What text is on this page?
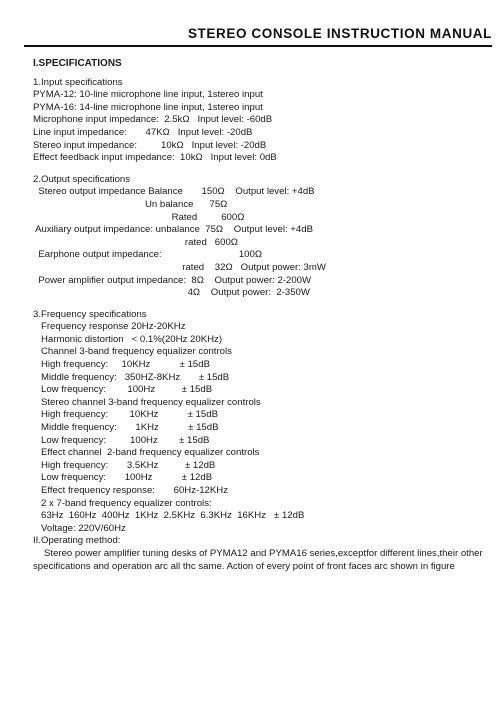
STEREO CONSOLE INSTRUCTION MANUAL
I.SPECIFICATIONS
1.Input specifications
PYMA-12: 10-line microphone line input, 1stereo input
PYMA-16: 14-line microphone line input, 1stereo input
Microphone input impedance:  2.5kΩ   Input level: -60dB
Line input impedance:       47KΩ   Input level: -20dB
Stereo input impedance:         10kΩ   Input level: -20dB
Effect feedback input impedance:  10kΩ   Input level: 0dB
2.Output specifications
Stereo output impedance Balance       150Ω    Output level: +4dB
Un balance      75Ω
Rated         600Ω
Auxiliary output impedance: unbalance  75Ω    Output level: +4dB
rated   600Ω
Earphone output impedance:                             100Ω
rated    32Ω   Output power: 3mW
Power amplifier output impedance:  8Ω    Output power: 2-200W
4Ω    Output power:  2-350W
3.Frequency specifications
Frequency response 20Hz-20KHz
Harmonic distortion   < 0.1%(20Hz 20KHz)
Channel 3-band frequency equalizer controls
High frequency:     10KHz           ± 15dB
Middle frequency:   350HZ-8KHz       ± 15dB
Low frequency:        100Hz          ± 15dB
Stereo channel 3-band frequency equalizer controls
High frequency:        10KHz           ± 15dB
Middle frequency:       1KHz           ± 15dB
Low frequency:         100Hz        ± 15dB
Effect channel  2-band frequency equalizer controls
High frequency:       3.5KHz          ± 12dB
Low frequency:       100Hz           ± 12dB
Effect frequency response:       60Hz-12KHz
2 x 7-band frequency equalizer controls:
63Hz  160Hz  400Hz  1KHz  2.5KHz  6.3KHz  16KHz   ± 12dB
Voltage: 220V/60Hz
II.Operating method:
Stereo power amplifier tuning desks of PYMA12 and PYMA16 series,exceptfor different lines,their other specifications and operation arc all thc same. Action of every point of front faces arc shown in figure
